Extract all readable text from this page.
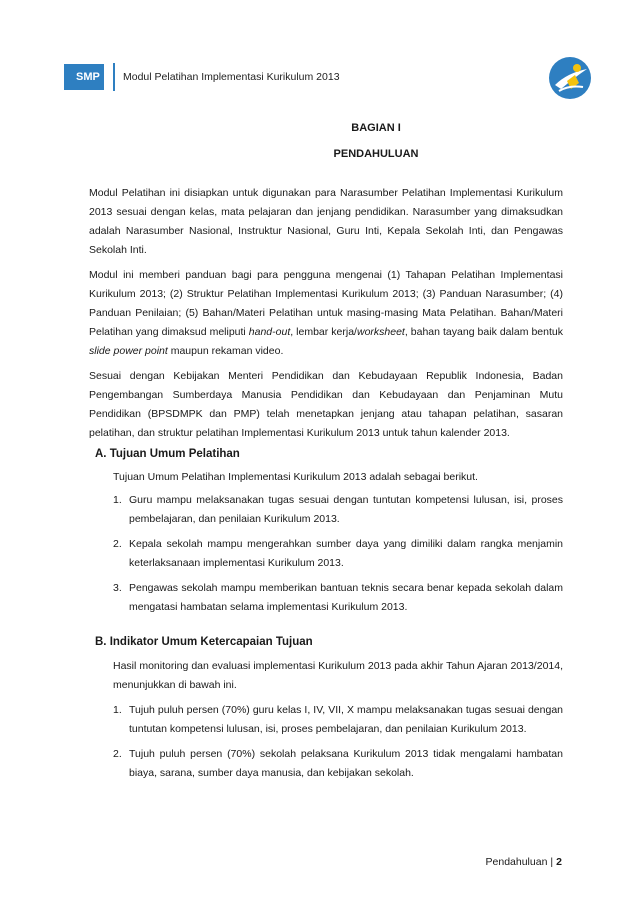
SMP	Modul Pelatihan Implementasi Kurikulum 2013
BAGIAN I
PENDAHULUAN

Modul Pelatihan ini disiapkan untuk digunakan para Narasumber Pelatihan Implementasi Kurikulum 2013 sesuai dengan kelas, mata pelajaran dan jenjang pendidikan. Narasumber yang dimaksudkan adalah Narasumber Nasional, Instruktur Nasional, Guru Inti, Kepala Sekolah Inti, dan Pengawas Sekolah Inti.

Modul ini memberi panduan bagi para pengguna mengenai (1) Tahapan Pelatihan Implementasi Kurikulum 2013; (2) Struktur Pelatihan Implementasi Kurikulum 2013; (3) Panduan Narasumber; (4) Panduan Penilaian; (5) Bahan/Materi Pelatihan untuk masing-masing Mata Pelatihan. Bahan/Materi Pelatihan yang dimaksud meliputi hand-out, lembar kerja/worksheet, bahan tayang baik dalam bentuk slide power point maupun rekaman video.

Sesuai dengan Kebijakan Menteri Pendidikan dan Kebudayaan Republik Indonesia, Badan Pengembangan Sumberdaya Manusia Pendidikan dan Kebudayaan dan Penjaminan Mutu Pendidikan (BPSDMPK dan PMP) telah menetapkan jenjang atau tahapan pelatihan, sasaran pelatihan, dan struktur pelatihan Implementasi Kurikulum 2013 untuk tahun kalender 2013.

A. Tujuan Umum Pelatihan

Tujuan Umum Pelatihan Implementasi Kurikulum 2013 adalah sebagai berikut.

1. Guru mampu melaksanakan tugas sesuai dengan tuntutan kompetensi lulusan, isi, proses pembelajaran, dan penilaian Kurikulum 2013.
2. Kepala sekolah mampu mengerahkan sumber daya yang dimiliki dalam rangka menjamin keterlaksanaan implementasi Kurikulum 2013.
3. Pengawas sekolah mampu memberikan bantuan teknis secara benar kepada sekolah dalam mengatasi hambatan selama implementasi Kurikulum 2013.
B. Indikator Umum Ketercapaian Tujuan

Hasil monitoring dan evaluasi implementasi Kurikulum 2013 pada akhir Tahun Ajaran 2013/2014, menunjukkan di bawah ini.

1. Tujuh puluh persen (70%) guru kelas I, IV, VII, X mampu melaksanakan tugas sesuai dengan tuntutan kompetensi lulusan, isi, proses pembelajaran, dan penilaian Kurikulum 2013.
2. Tujuh puluh persen (70%) sekolah pelaksana Kurikulum 2013 tidak mengalami hambatan biaya, sarana, sumber daya manusia, dan kebijakan sekolah.
Pendahuluan | 2
